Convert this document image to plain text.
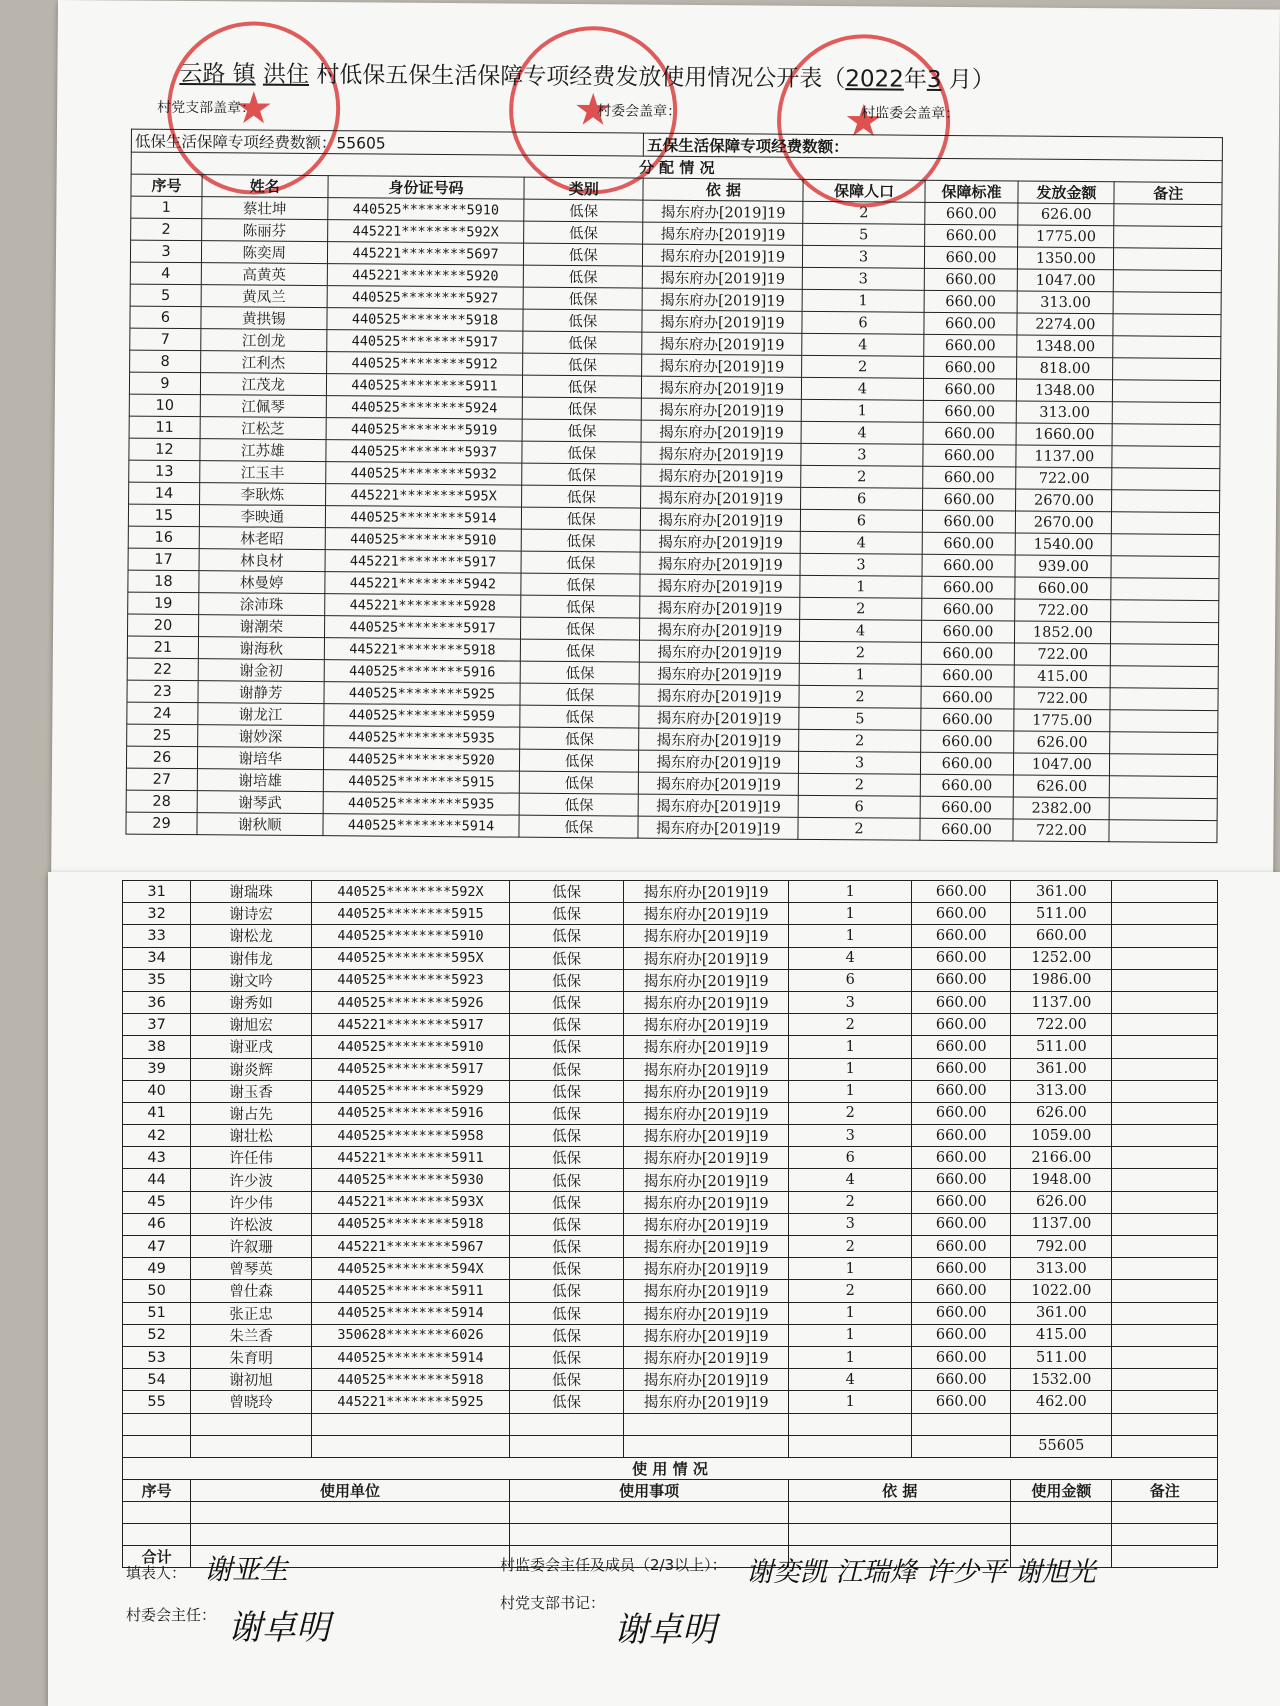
★	★	★
云路 镇 洪住 村低保五保生活保障专项经费发放使用情况公开表（2022年3 月）
村党支部盖章：	村委会盖章：	村监委会盖章：
低保生活保障专项经费数额：55605				五保生活保障专项经费数额：				
分 配 情 况								
序号	姓名	身份证号码	类别	依 据	保障人口	保障标准	发放金额	备注
1	蔡壮坤	440525********5910	低保	揭东府办[2019]19	2	660.00	626.00	
2	陈丽芬	445221********592X	低保	揭东府办[2019]19	5	660.00	1775.00	
3	陈奕周	445221********5697	低保	揭东府办[2019]19	3	660.00	1350.00	
4	高黄英	445221********5920	低保	揭东府办[2019]19	3	660.00	1047.00	
5	黄凤兰	440525********5927	低保	揭东府办[2019]19	1	660.00	313.00	
6	黄拱锡	440525********5918	低保	揭东府办[2019]19	6	660.00	2274.00	
7	江创龙	440525********5917	低保	揭东府办[2019]19	4	660.00	1348.00	
8	江利杰	440525********5912	低保	揭东府办[2019]19	2	660.00	818.00	
9	江茂龙	440525********5911	低保	揭东府办[2019]19	4	660.00	1348.00	
10	江佩琴	440525********5924	低保	揭东府办[2019]19	1	660.00	313.00	
11	江松芝	440525********5919	低保	揭东府办[2019]19	4	660.00	1660.00	
12	江苏雄	440525********5937	低保	揭东府办[2019]19	3	660.00	1137.00	
13	江玉丰	440525********5932	低保	揭东府办[2019]19	2	660.00	722.00	
14	李耿炼	445221********595X	低保	揭东府办[2019]19	6	660.00	2670.00	
15	李映通	440525********5914	低保	揭东府办[2019]19	6	660.00	2670.00	
16	林老昭	440525********5910	低保	揭东府办[2019]19	4	660.00	1540.00	
17	林良材	445221********5917	低保	揭东府办[2019]19	3	660.00	939.00	
18	林曼婷	445221********5942	低保	揭东府办[2019]19	1	660.00	660.00	
19	涂沛珠	445221********5928	低保	揭东府办[2019]19	2	660.00	722.00	
20	谢潮荣	440525********5917	低保	揭东府办[2019]19	4	660.00	1852.00	
21	谢海秋	445221********5918	低保	揭东府办[2019]19	2	660.00	722.00	
22	谢金初	440525********5916	低保	揭东府办[2019]19	1	660.00	415.00	
23	谢静芳	440525********5925	低保	揭东府办[2019]19	2	660.00	722.00	
24	谢龙江	440525********5959	低保	揭东府办[2019]19	5	660.00	1775.00	
25	谢妙深	440525********5935	低保	揭东府办[2019]19	2	660.00	626.00	
26	谢培华	440525********5920	低保	揭东府办[2019]19	3	660.00	1047.00	
27	谢培雄	440525********5915	低保	揭东府办[2019]19	2	660.00	626.00	
28	谢琴武	440525********5935	低保	揭东府办[2019]19	6	660.00	2382.00	
29	谢秋顺	440525********5914	低保	揭东府办[2019]19	2	660.00	722.00	
31	谢瑞珠	440525********592X	低保	揭东府办[2019]19	1	660.00	361.00	
32	谢诗宏	440525********5915	低保	揭东府办[2019]19	1	660.00	511.00	
33	谢松龙	440525********5910	低保	揭东府办[2019]19	1	660.00	660.00	
34	谢伟龙	440525********595X	低保	揭东府办[2019]19	4	660.00	1252.00	
35	谢文吟	440525********5923	低保	揭东府办[2019]19	6	660.00	1986.00	
36	谢秀如	440525********5926	低保	揭东府办[2019]19	3	660.00	1137.00	
37	谢旭宏	445221********5917	低保	揭东府办[2019]19	2	660.00	722.00	
38	谢亚戌	440525********5910	低保	揭东府办[2019]19	1	660.00	511.00	
39	谢炎辉	440525********5917	低保	揭东府办[2019]19	1	660.00	361.00	
40	谢玉香	440525********5929	低保	揭东府办[2019]19	1	660.00	313.00	
41	谢占先	440525********5916	低保	揭东府办[2019]19	2	660.00	626.00	
42	谢壮松	440525********5958	低保	揭东府办[2019]19	3	660.00	1059.00	
43	许任伟	445221********5911	低保	揭东府办[2019]19	6	660.00	2166.00	
44	许少波	440525********5930	低保	揭东府办[2019]19	4	660.00	1948.00	
45	许少伟	445221********593X	低保	揭东府办[2019]19	2	660.00	626.00	
46	许松波	440525********5918	低保	揭东府办[2019]19	3	660.00	1137.00	
47	许叙珊	445221********5967	低保	揭东府办[2019]19	2	660.00	792.00	
49	曾琴英	440525********594X	低保	揭东府办[2019]19	1	660.00	313.00	
50	曾仕森	440525********5911	低保	揭东府办[2019]19	2	660.00	1022.00	
51	张正忠	440525********5914	低保	揭东府办[2019]19	1	660.00	361.00	
52	朱兰香	350628********6026	低保	揭东府办[2019]19	1	660.00	415.00	
53	朱育明	440525********5914	低保	揭东府办[2019]19	1	660.00	511.00	
54	谢初旭	440525********5918	低保	揭东府办[2019]19	4	660.00	1532.00	
55	曾晓玲	445221********5925	低保	揭东府办[2019]19	1	660.00	462.00	

							55605	
使 用 情 况								
序号	使用单位		使用事项		依 据		使用金额	备注

合计								
填表人： 谢亚生
村委会主任： 谢卓明
村监委会主任及成员（2/3以上）： 谢奕凯 江瑞烽 许少平 谢旭光
村党支部书记：
谢卓明
